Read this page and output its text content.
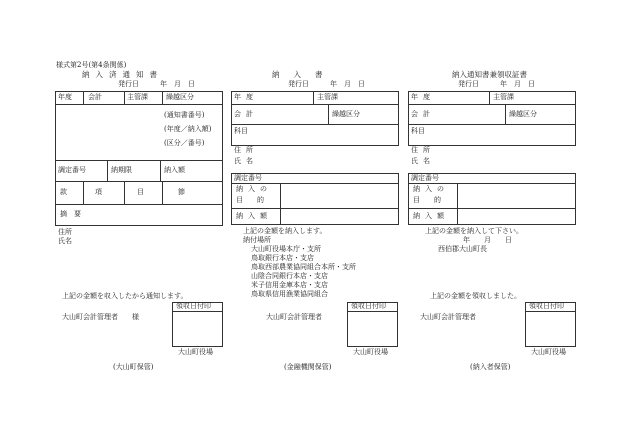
様式第2号(第4条関係)
納入済通知書
発行日　　　年　月　日
年度 会計	主管課	繰越区分
(通知書番号)
(年度／納入額)
(区分／番号)
調定番号	納期限	納入額
款	項	目	節
摘　要
住所
氏名
上記の金額を収入したから通知します。
大山町会計管理者　　様
領収日付印
大山町役場
(大山町保管)
納入書
発行日　　　年　月　日
年度	主管課
会計	繰越区分
科目
住所
氏名
調定番号
納入の
目的
納入額
上記の金額を納入します。
納付場所
大山町役場本庁・支所
鳥取銀行本店・支店
鳥取西部農業協同組合本所・支所
山陰合同銀行本店・支店
米子信用金庫本店・支店
鳥取県信用漁業協同組合
大山町会計管理者
領収日付印
大山町役場
(金融機関保管)
納入通知書兼領収証書
発行日　　　年　月　日
年度	主管課
会計	繰越区分
科目
住所
氏名
調定番号
納入の
目的
納入額
上記の金額を納入して下さい。
年　　月　　日
西伯郡大山町長
上記の金額を領収しました。
大山町会計管理者
領収日付印
大山町役場
(納入者保管)
